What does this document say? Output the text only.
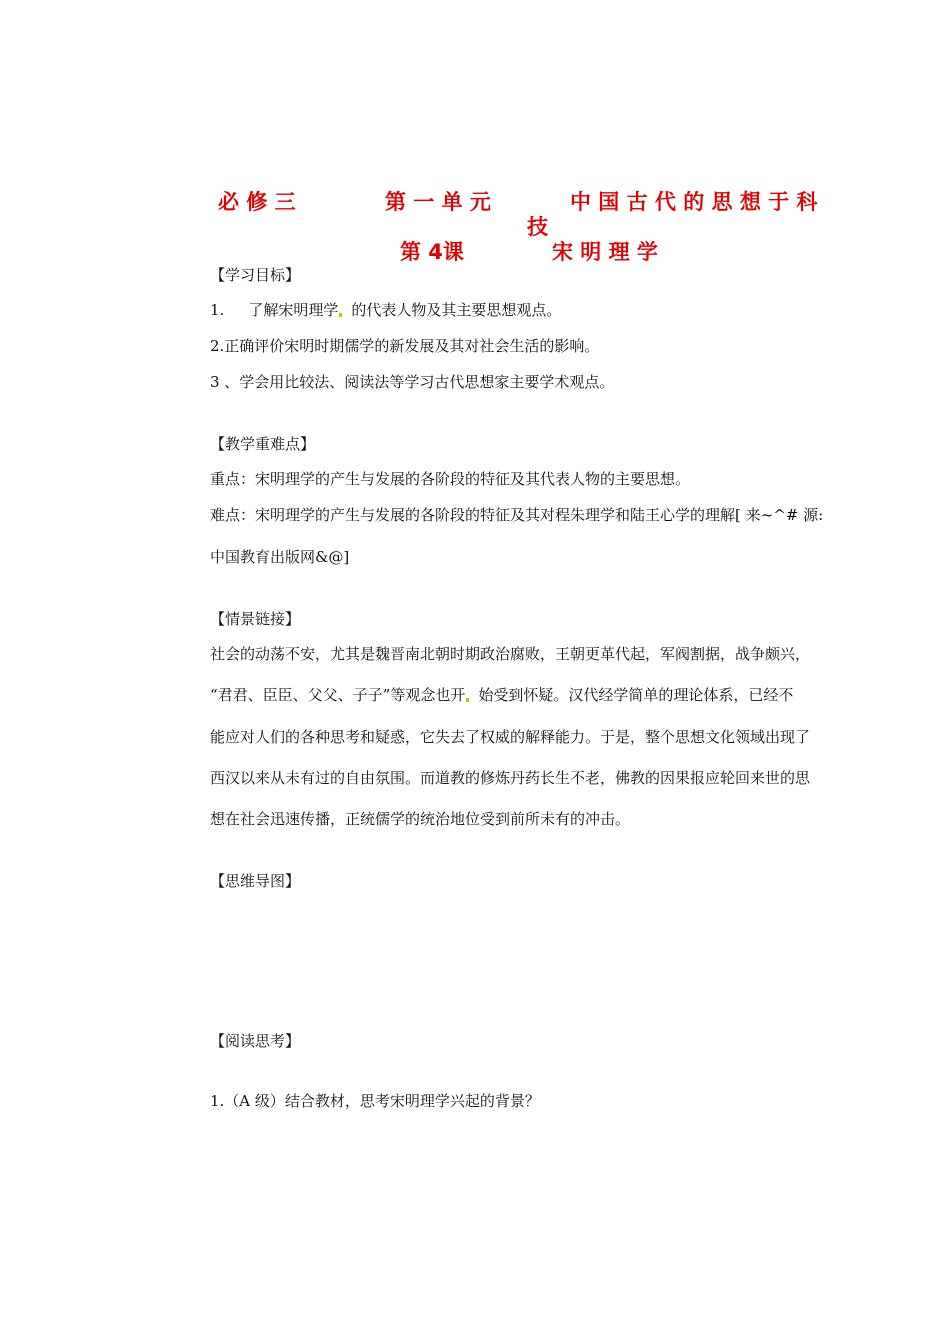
必 修 三	第 一 单 元	中 国 古 代 的 思 想 于 科
技
第 4课	宋 明 理 学
【学习目标】
1. 了解宋明理学 的代表人物及其主要思想观点。
2.正确评价宋明时期儒学的新发展及其对社会生活的影响。
3 、学会用比较法、阅读法等学习古代思想家主要学术观点。
【教学重难点】
重点：宋明理学的产生与发展的各阶段的特征及其代表人物的主要思想。
难点：宋明理学的产生与发展的各阶段的特征及其对程朱理学和陆王心学的理解[ 来~^# 源:
中国教育出版网&@]
【情景链接】
社会的动荡不安，尤其是魏晋南北朝时期政治腐败，王朝更革代起，军阀割据，战争颇兴，
“君君、臣臣、父父、子子”等观念也开 始受到怀疑。汉代经学简单的理论体系，已经不
能应对人们的各种思考和疑惑，它失去了权威的解释能力。于是，整个思想文化领域出现了
西汉以来从未有过的自由氛围。而道教的修炼丹药长生不老，佛教的因果报应轮回来世的思
想在社会迅速传播，正统儒学的统治地位受到前所未有的冲击。
【思维导图】
【阅读思考】
1.（A 级）结合教材，思考宋明理学兴起的背景？
